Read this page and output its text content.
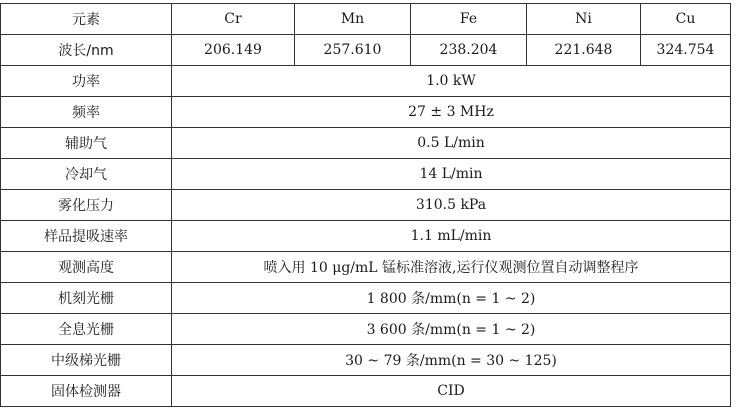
元素	Cr	Mn	Fe	Ni	Cu
波长/nm	206.149	257.610	238.204	221.648	324.754
功率	1.0 kW				
频率	27 ± 3 MHz				
辅助气	0.5 L/min				
冷却气	14 L/min				
雾化压力	310.5 kPa				
样品提吸速率	1.1 mL/min				
观测高度	喷入用 10 μg/mL 锰标准溶液,运行仪观测位置自动调整程序				
机刻光栅	1 800 条/mm(n = 1 ~ 2)				
全息光栅	3 600 条/mm(n = 1 ~ 2)				
中级梯光栅	30 ~ 79 条/mm(n = 30 ~ 125)				
固体检测器	CID				
